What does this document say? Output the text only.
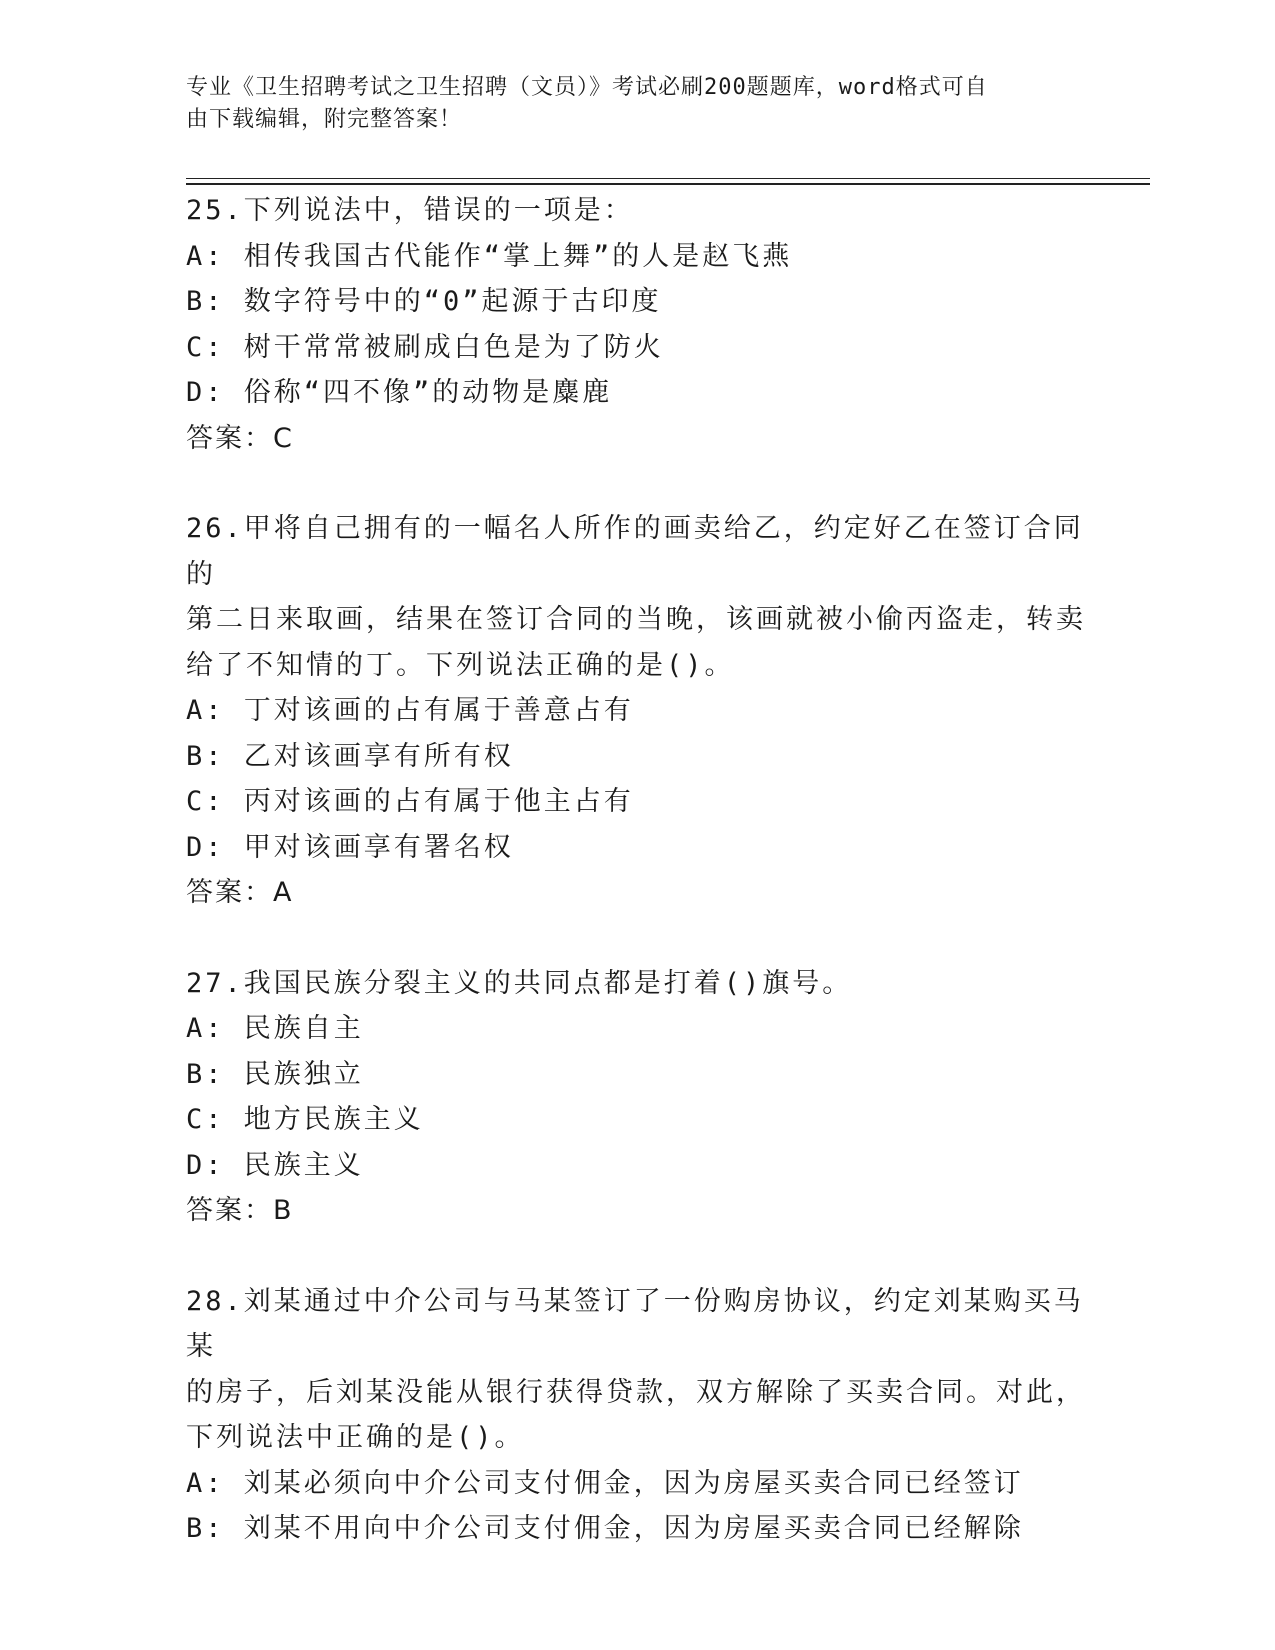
专业《卫生招聘考试之卫生招聘（文员）》考试必刷200题题库，word格式可自
由下载编辑，附完整答案！
25.下列说法中，错误的一项是：
A: 相传我国古代能作“掌上舞”的人是赵飞燕
B: 数字符号中的“0”起源于古印度
C: 树干常常被刷成白色是为了防火
D: 俗称“四不像”的动物是麋鹿
答案：C
26.甲将自己拥有的一幅名人所作的画卖给乙，约定好乙在签订合同的
第二日来取画，结果在签订合同的当晚，该画就被小偷丙盗走，转卖
给了不知情的丁。下列说法正确的是()。
A: 丁对该画的占有属于善意占有
B: 乙对该画享有所有权
C: 丙对该画的占有属于他主占有
D: 甲对该画享有署名权
答案：A
27.我国民族分裂主义的共同点都是打着()旗号。
A: 民族自主
B: 民族独立
C: 地方民族主义
D: 民族主义
答案：B
28.刘某通过中介公司与马某签订了一份购房协议，约定刘某购买马某
的房子，后刘某没能从银行获得贷款，双方解除了买卖合同。对此，
下列说法中正确的是()。
A: 刘某必须向中介公司支付佣金，因为房屋买卖合同已经签订
B: 刘某不用向中介公司支付佣金，因为房屋买卖合同已经解除
